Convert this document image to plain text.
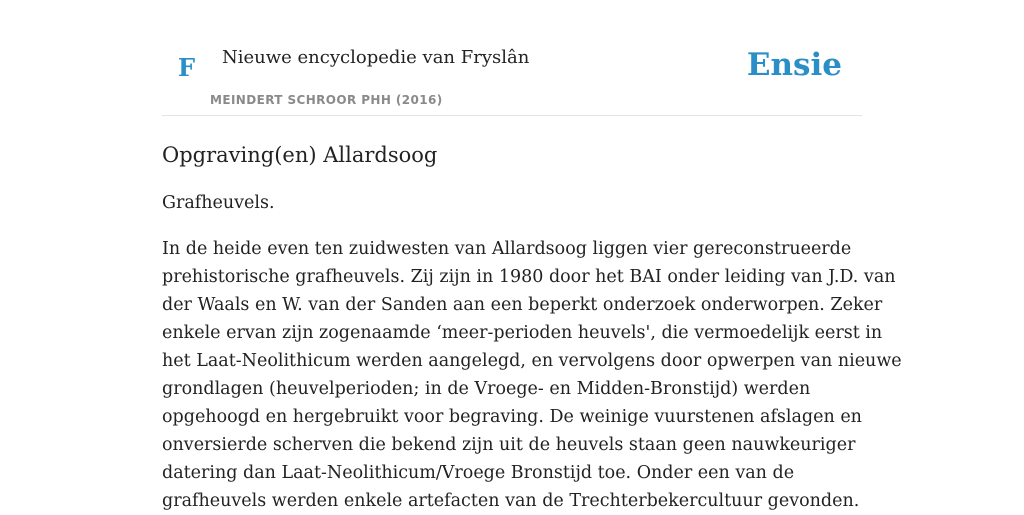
F Nieuwe encyclopedie van Fryslân
MEINDERT SCHROOR PHH (2016)
Ensie
Opgraving(en) Allardsoog

Grafheuvels.

In de heide even ten zuidwesten van Allardsoog liggen vier gereconstrueerde
prehistorische grafheuvels. Zij zijn in 1980 door het BAI onder leiding van J.D. van
der Waals en W. van der Sanden aan een beperkt onderzoek onderworpen. Zeker
enkele ervan zijn zogenaamde ‘meer-perioden heuvels', die vermoedelijk eerst in
het Laat-Neolithicum werden aangelegd, en vervolgens door opwerpen van nieuwe
grondlagen (heuvelperioden; in de Vroege- en Midden-Bronstijd) werden
opgehoogd en hergebruikt voor begraving. De weinige vuurstenen afslagen en
onversierde scherven die bekend zijn uit de heuvels staan geen nauwkeuriger
datering dan Laat-Neolithicum/Vroege Bronstijd toe. Onder een van de
grafheuvels werden enkele artefacten van de Trechterbekercultuur gevonden.
